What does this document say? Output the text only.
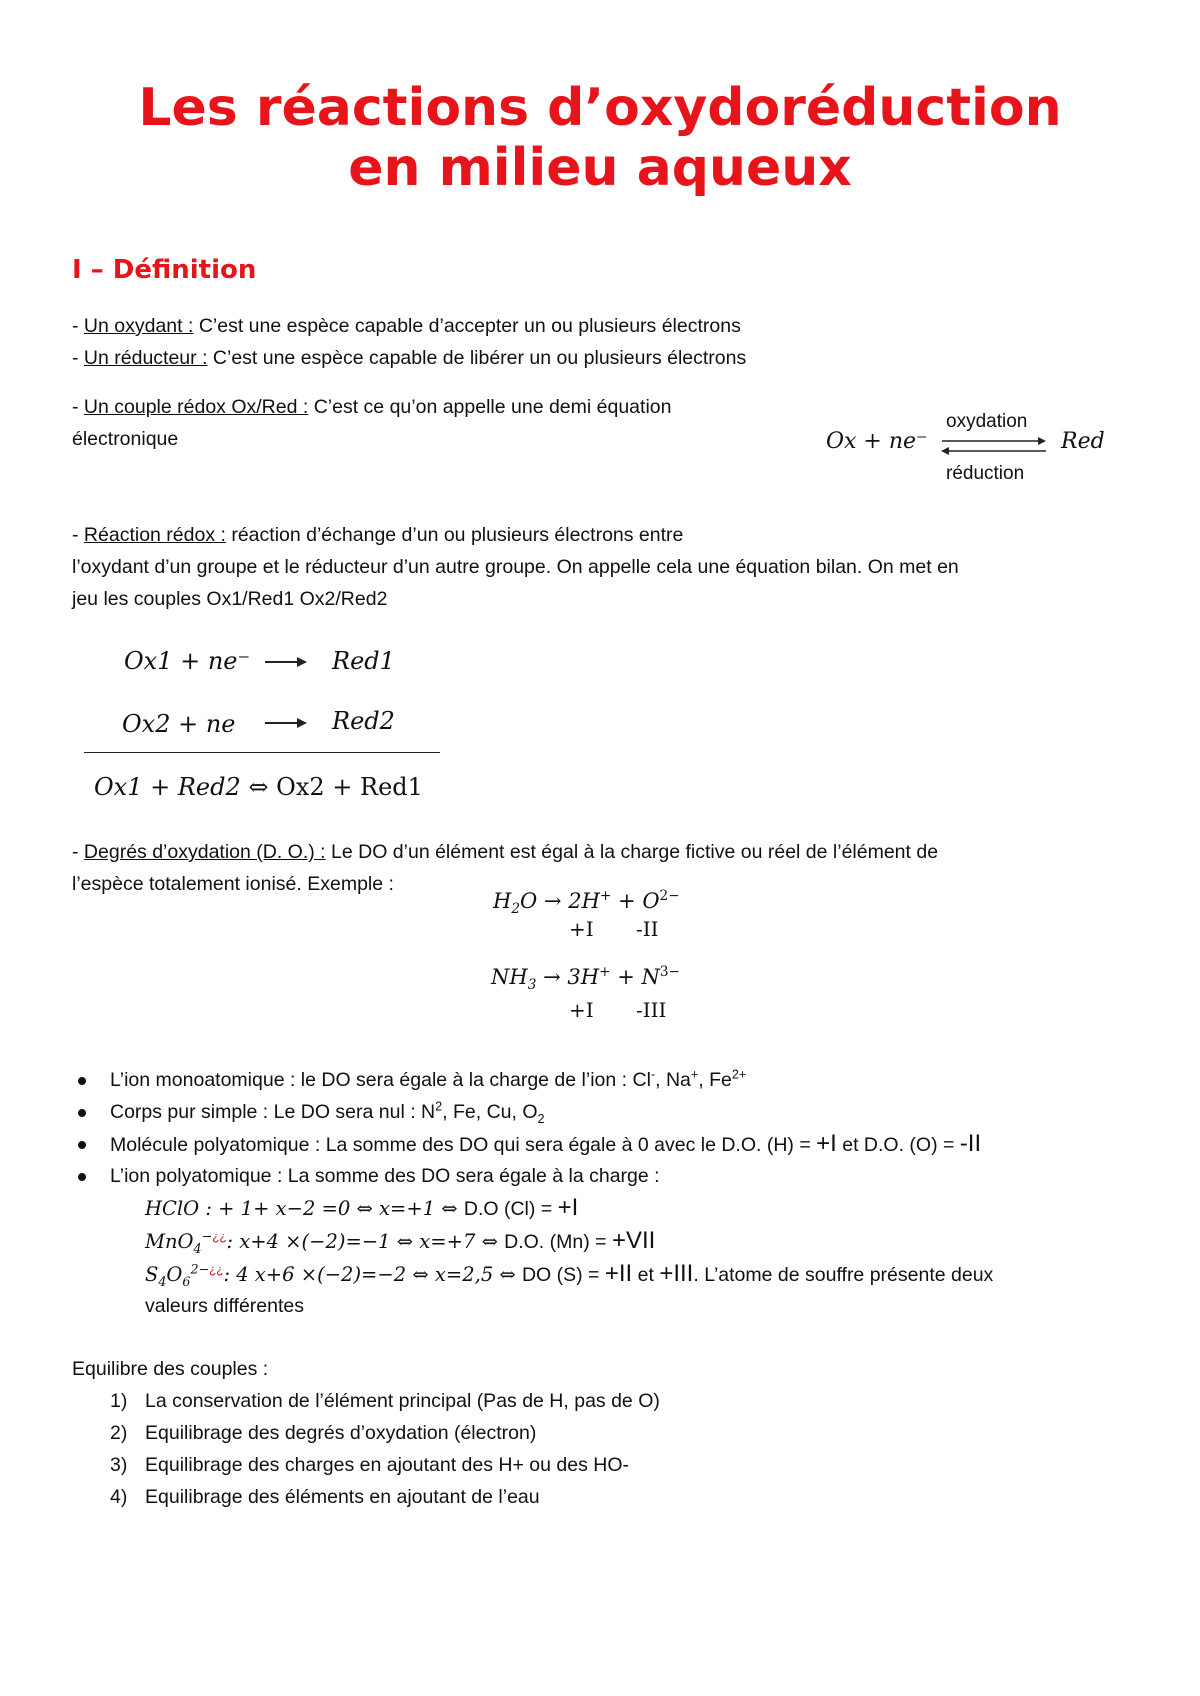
Les réactions d’oxydoréduction
en milieu aqueux
I – Définition
- Un oxydant : C’est une espèce capable d’accepter un ou plusieurs électrons
- Un réducteur : C’est une espèce capable de libérer un ou plusieurs électrons
- Un couple rédox Ox/Red : C’est ce qu’on appelle une demi équation
électronique	Ox + ne⁻	Red
oxydation
réduction
- Réaction rédox : réaction d’échange d’un ou plusieurs électrons entre
l’oxydant d’un groupe et le réducteur d’un autre groupe. On appelle cela une équation bilan. On met en
jeu les couples Ox1/Red1 Ox2/Red2
Ox1 + ne⁻	Red1
Ox2 + ne	Red2
Ox1 + Red2 ⇔ Ox2 + Red1
- Degrés d’oxydation (D. O.) : Le DO d’un élément est égal à la charge fictive ou réel de l’élément de
l’espèce totalement ionisé. Exemple :
$H_2O \to 2H^+ + O^{2-}$
+I -II
$NH_3 \to 3H^+ + N^{3-}$
+I -III
L’ion monoatomique : le DO sera égale à la charge de l’ion : Cl-, Na+, $Fe^{2+}$
Corps pur simple : Le DO sera nul : $N^2$, Fe, Cu, $O_2$
Molécule polyatomique : La somme des DO qui sera égale à 0 avec le D.O. (H) = +I et D.O. (O) = -II
L’ion polyatomique : La somme des DO sera égale à la charge :
HClO : + 1+ x−2 =0 ⇔ x=+1 ⇔ D.O (Cl) = +I
MnO$_4$−¿¿: x+4 ×(−2)=−1 ⇔ x=+7 ⇔ D.O. (Mn) = +VII
$S_4O_6^{2-¿¿}$: 4 x+6 ×(−2)=−2 ⇔ x=2,5 ⇔ DO (S) = +II et +III. L’atome de souffre présente deux
valeurs différentes
Equilibre des couples :
1) La conservation de l’élément principal (Pas de H, pas de O)
2) Equilibrage des degrés d’oxydation (électron)
3) Equilibrage des charges en ajoutant des H+ ou des HO-
4) Equilibrage des éléments en ajoutant de l’eau
